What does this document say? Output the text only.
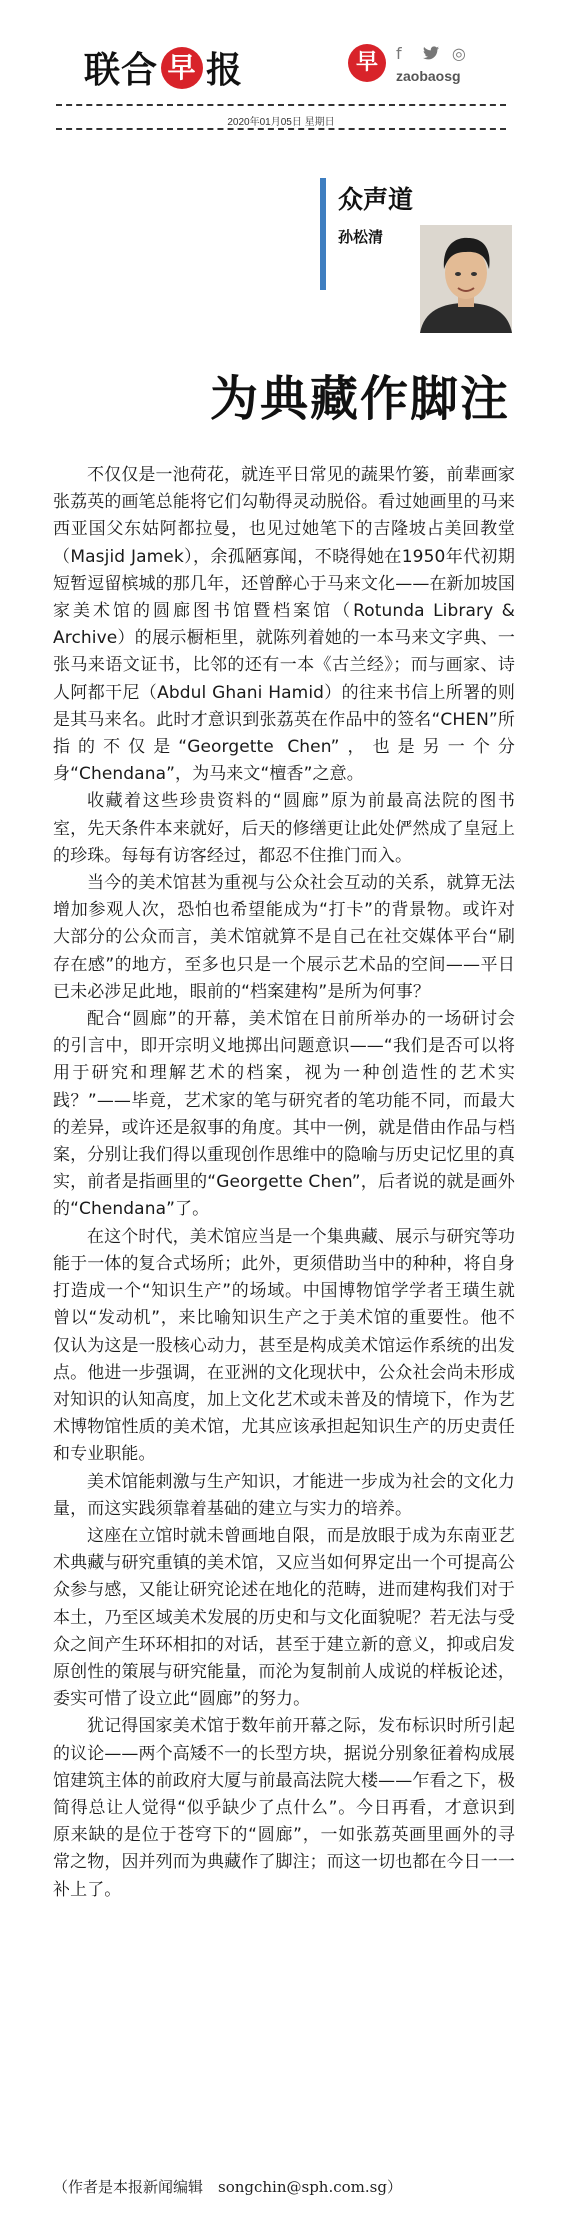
联合 早 报	早	f	◎
zaobaosg
2020年01月05日 星期日
众声道
孙松清
为典藏作脚注

不仅仅是一池荷花，就连平日常见的蔬果竹篓，前辈画家张荔英的画笔总能将它们勾勒得灵动脱俗。看过她画里的马来西亚国父东姑阿都拉曼，也见过她笔下的吉隆坡占美回教堂（Masjid Jamek），余孤陋寡闻，不晓得她在1950年代初期短暂逗留槟城的那几年，还曾醉心于马来文化——在新加坡国家美术馆的圆廊图书馆暨档案馆（Rotunda Library & Archive）的展示橱柜里，就陈列着她的一本马来文字典、一张马来语文证书，比邻的还有一本《古兰经》；而与画家、诗人阿都干尼（Abdul Ghani Hamid）的往来书信上所署的则是其马来名。此时才意识到张荔英在作品中的签名“CHEN”所指的不仅是“Georgette Chen”，也是另一个分身“Chendana”，为马来文“檀香”之意。

收藏着这些珍贵资料的“圆廊”原为前最高法院的图书室，先天条件本来就好，后天的修缮更让此处俨然成了皇冠上的珍珠。每每有访客经过，都忍不住推门而入。

当今的美术馆甚为重视与公众社会互动的关系，就算无法增加参观人次，恐怕也希望能成为“打卡”的背景物。或许对大部分的公众而言，美术馆就算不是自己在社交媒体平台“刷存在感”的地方，至多也只是一个展示艺术品的空间——平日已未必涉足此地，眼前的“档案建构”是所为何事？

配合“圆廊”的开幕，美术馆在日前所举办的一场研讨会的引言中，即开宗明义地掷出问题意识——“我们是否可以将用于研究和理解艺术的档案，视为一种创造性的艺术实践？”——毕竟，艺术家的笔与研究者的笔功能不同，而最大的差异，或许还是叙事的角度。其中一例，就是借由作品与档案，分别让我们得以重现创作思维中的隐喻与历史记忆里的真实，前者是指画里的“Georgette Chen”，后者说的就是画外的“Chendana”了。

在这个时代，美术馆应当是一个集典藏、展示与研究等功能于一体的复合式场所；此外，更须借助当中的种种，将自身打造成一个“知识生产”的场域。中国博物馆学学者王璜生就曾以“发动机”，来比喻知识生产之于美术馆的重要性。他不仅认为这是一股核心动力，甚至是构成美术馆运作系统的出发点。他进一步强调，在亚洲的文化现状中，公众社会尚未形成对知识的认知高度，加上文化艺术或未普及的情境下，作为艺术博物馆性质的美术馆，尤其应该承担起知识生产的历史责任和专业职能。

美术馆能刺激与生产知识，才能进一步成为社会的文化力量，而这实践须靠着基础的建立与实力的培养。

这座在立馆时就未曾画地自限，而是放眼于成为东南亚艺术典藏与研究重镇的美术馆，又应当如何界定出一个可提高公众参与感，又能让研究论述在地化的范畴，进而建构我们对于本土，乃至区域美术发展的历史和与文化面貌呢？若无法与受众之间产生环环相扣的对话，甚至于建立新的意义，抑或启发原创性的策展与研究能量，而沦为复制前人成说的样板论述，委实可惜了设立此“圆廊”的努力。

犹记得国家美术馆于数年前开幕之际，发布标识时所引起的议论——两个高矮不一的长型方块，据说分别象征着构成展馆建筑主体的前政府大厦与前最高法院大楼——乍看之下，极简得总让人觉得“似乎缺少了点什么”。今日再看，才意识到原来缺的是位于苍穹下的“圆廊”，一如张荔英画里画外的寻常之物，因并列而为典藏作了脚注；而这一切也都在今日一一补上了。

（作者是本报新闻编辑　songchin@sph.com.sg）
